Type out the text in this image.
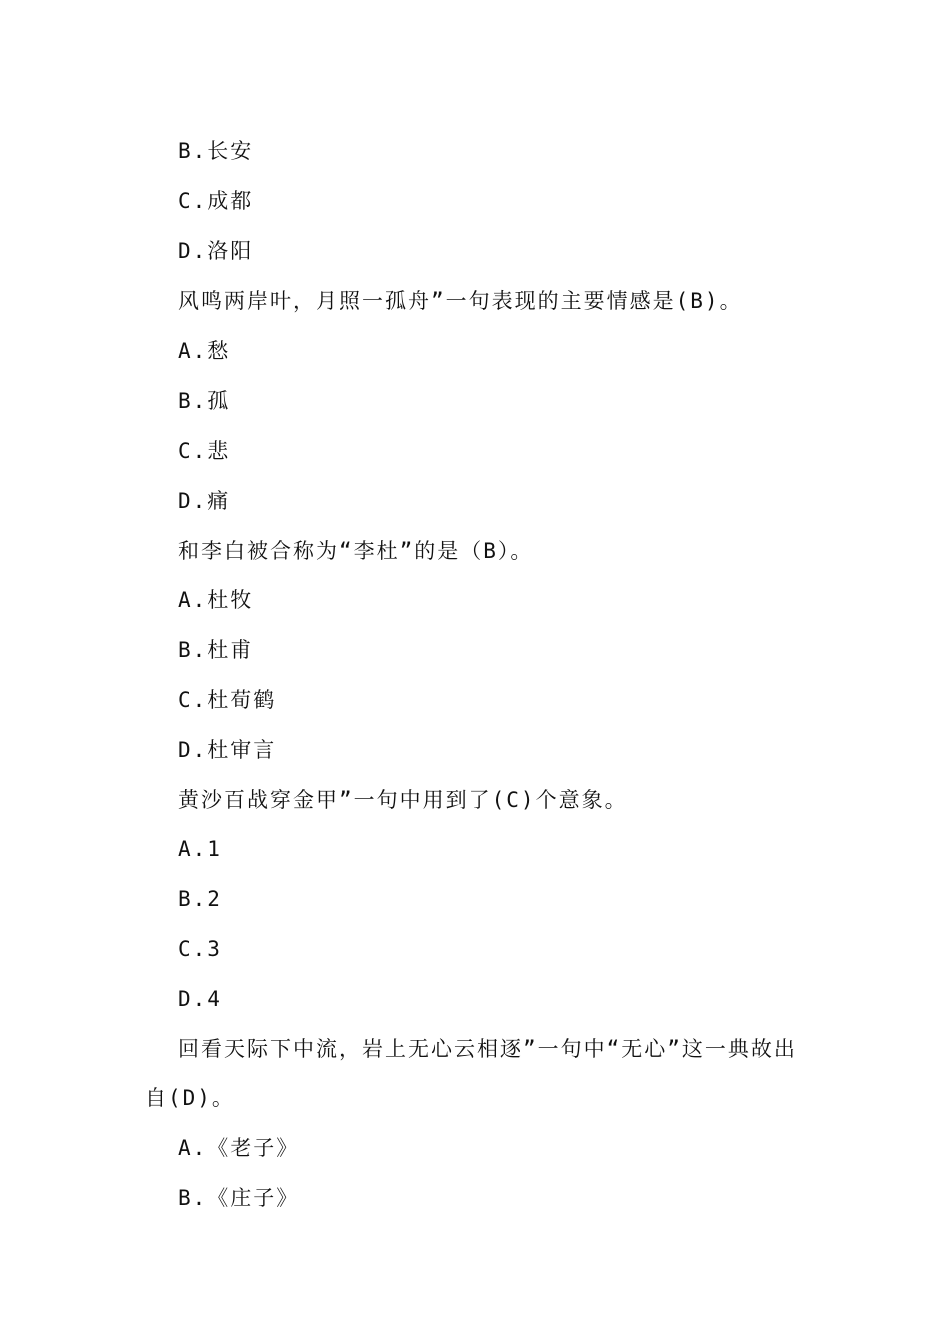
B.长安
C.成都
D.洛阳
风鸣两岸叶，月照一孤舟”一句表现的主要情感是(B)。
A.愁
B.孤
C.悲
D.痛
和李白被合称为“李杜”的是（B）。
A.杜牧
B.杜甫
C.杜荀鹤
D.杜审言
黄沙百战穿金甲”一句中用到了(C)个意象。
A.1
B.2
C.3
D.4
回看天际下中流，岩上无心云相逐”一句中“无心”这一典故出
自(D)。
A.《老子》
B.《庄子》
